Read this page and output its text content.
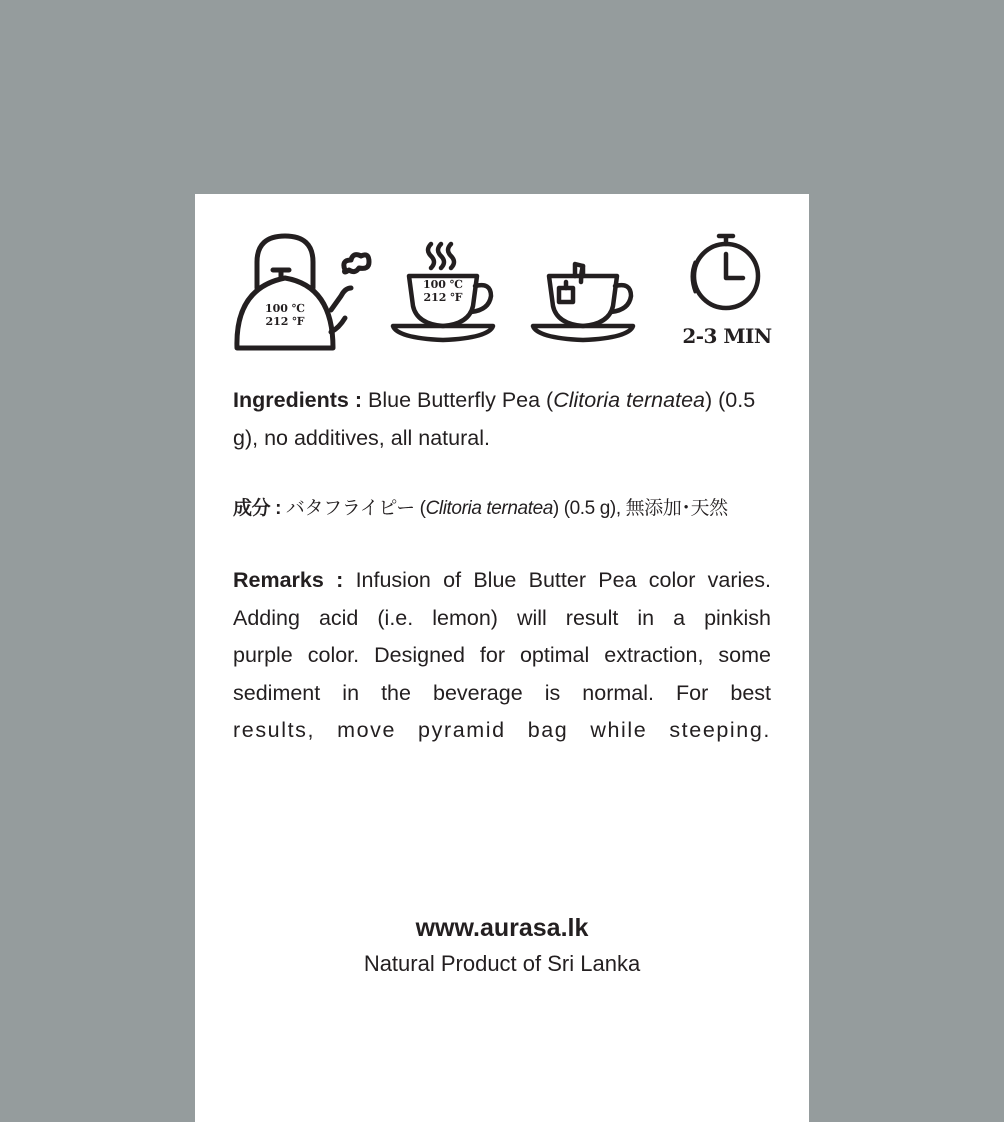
100 ℃
212 ℉
100 ℃
212 ℉
2-3 MIN
Ingredients : Blue Butterfly Pea (Clitoria ternatea) (0.5 g), no additives, all natural.
成分 : バタフライピー (Clitoria ternatea) (0.5 g), 無添加･天然
Remarks : Infusion of Blue Butter Pea color varies.
Adding acid (i.e. lemon) will result in a pinkish
purple color. Designed for optimal extraction, some
sediment in the beverage is normal. For best
results, move pyramid bag while steeping.
www.aurasa.lk
Natural Product of Sri Lanka
